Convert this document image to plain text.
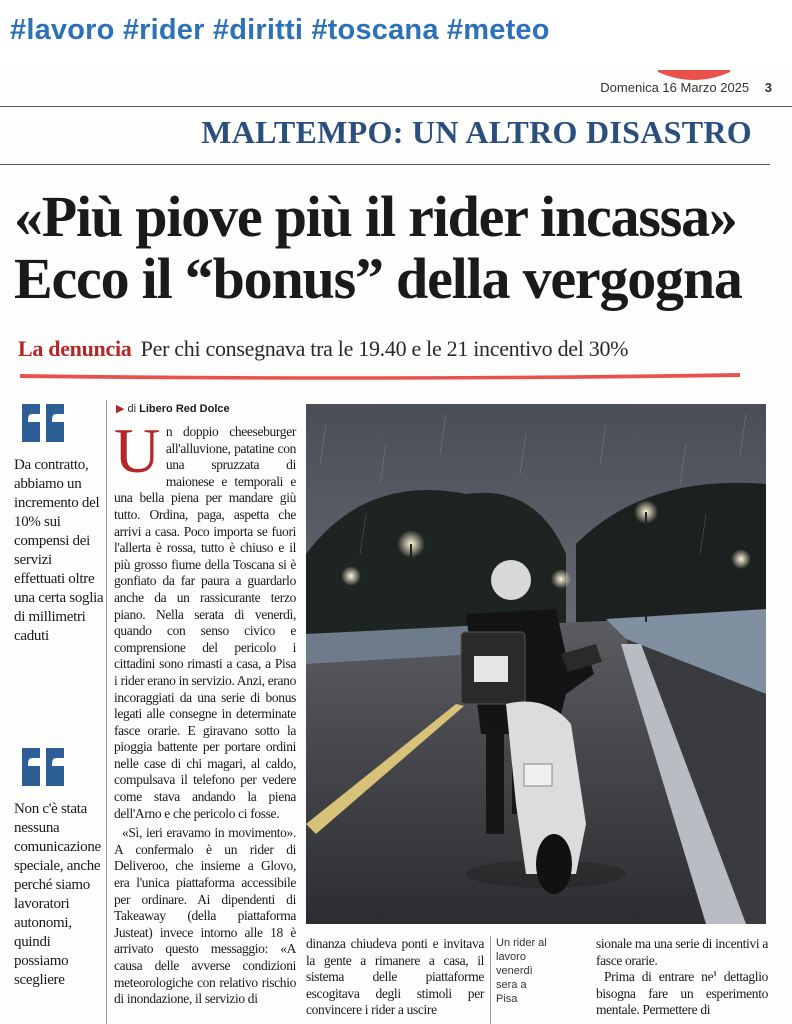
#lavoro #rider #diritti #toscana #meteo
Domenica 16 Marzo 2025 3
MALTEMPO: UN ALTRO DISASTRO
«Più piove più il rider incassa»
Ecco il “bonus” della vergogna
La denuncia Per chi consegnava tra le 19.40 e le 21 incentivo del 30%
Da contratto, abbiamo un incremento del 10% sui compensi dei servizi effettuati oltre una certa soglia di millimetri caduti
Non c'è stata nessuna comunicazione speciale, anche perché siamo lavoratori autonomi, quindi possiamo scegliere
▶ di Libero Red Dolce

Un doppio cheeseburger all'alluvione, patatine con una spruzzata di maionese e temporali e una bella piena per mandare giù tutto. Ordina, paga, aspetta che arrivi a casa. Poco importa se fuori l'allerta è rossa, tutto è chiuso e il più grosso fiume della Toscana si è gonfiato da far paura a guardarlo anche da un rassicurante terzo piano. Nella serata di venerdì, quando con senso civico e comprensione del pericolo i cittadini sono rimasti a casa, a Pisa i rider erano in servizio. Anzi, erano incoraggiati da una serie di bonus legati alle consegne in determinate fasce orarie. E giravano sotto la pioggia battente per portare ordini nelle case di chi magari, al caldo, compulsava il telefono per vedere come stava andando la piena dell'Arno e che pericolo ci fosse.

«Sì, ieri eravamo in movimento». A confermalo è un rider di Deliveroo, che insieme a Glovo, era l'unica piattaforma accessibile per ordinare. Ai dipendenti di Takeaway (della piattaforma Justeat) invece intorno alle 18 è arrivato questo messaggio: «A causa delle avverse condizioni meteorologiche con relativo rischio di inondazione, il servizio di

dinanza chiudeva ponti e invitava la gente a rimanere a casa, il sistema delle piattaforme escogitava degli stimoli per convincere i rider a uscire
Un rider al lavoro venerdì sera a Pisa

sionale ma una serie di incentivi a fasce orarie.

Prima di entrare nel dettaglio bisogna fare un esperimento mentale. Permettere di
